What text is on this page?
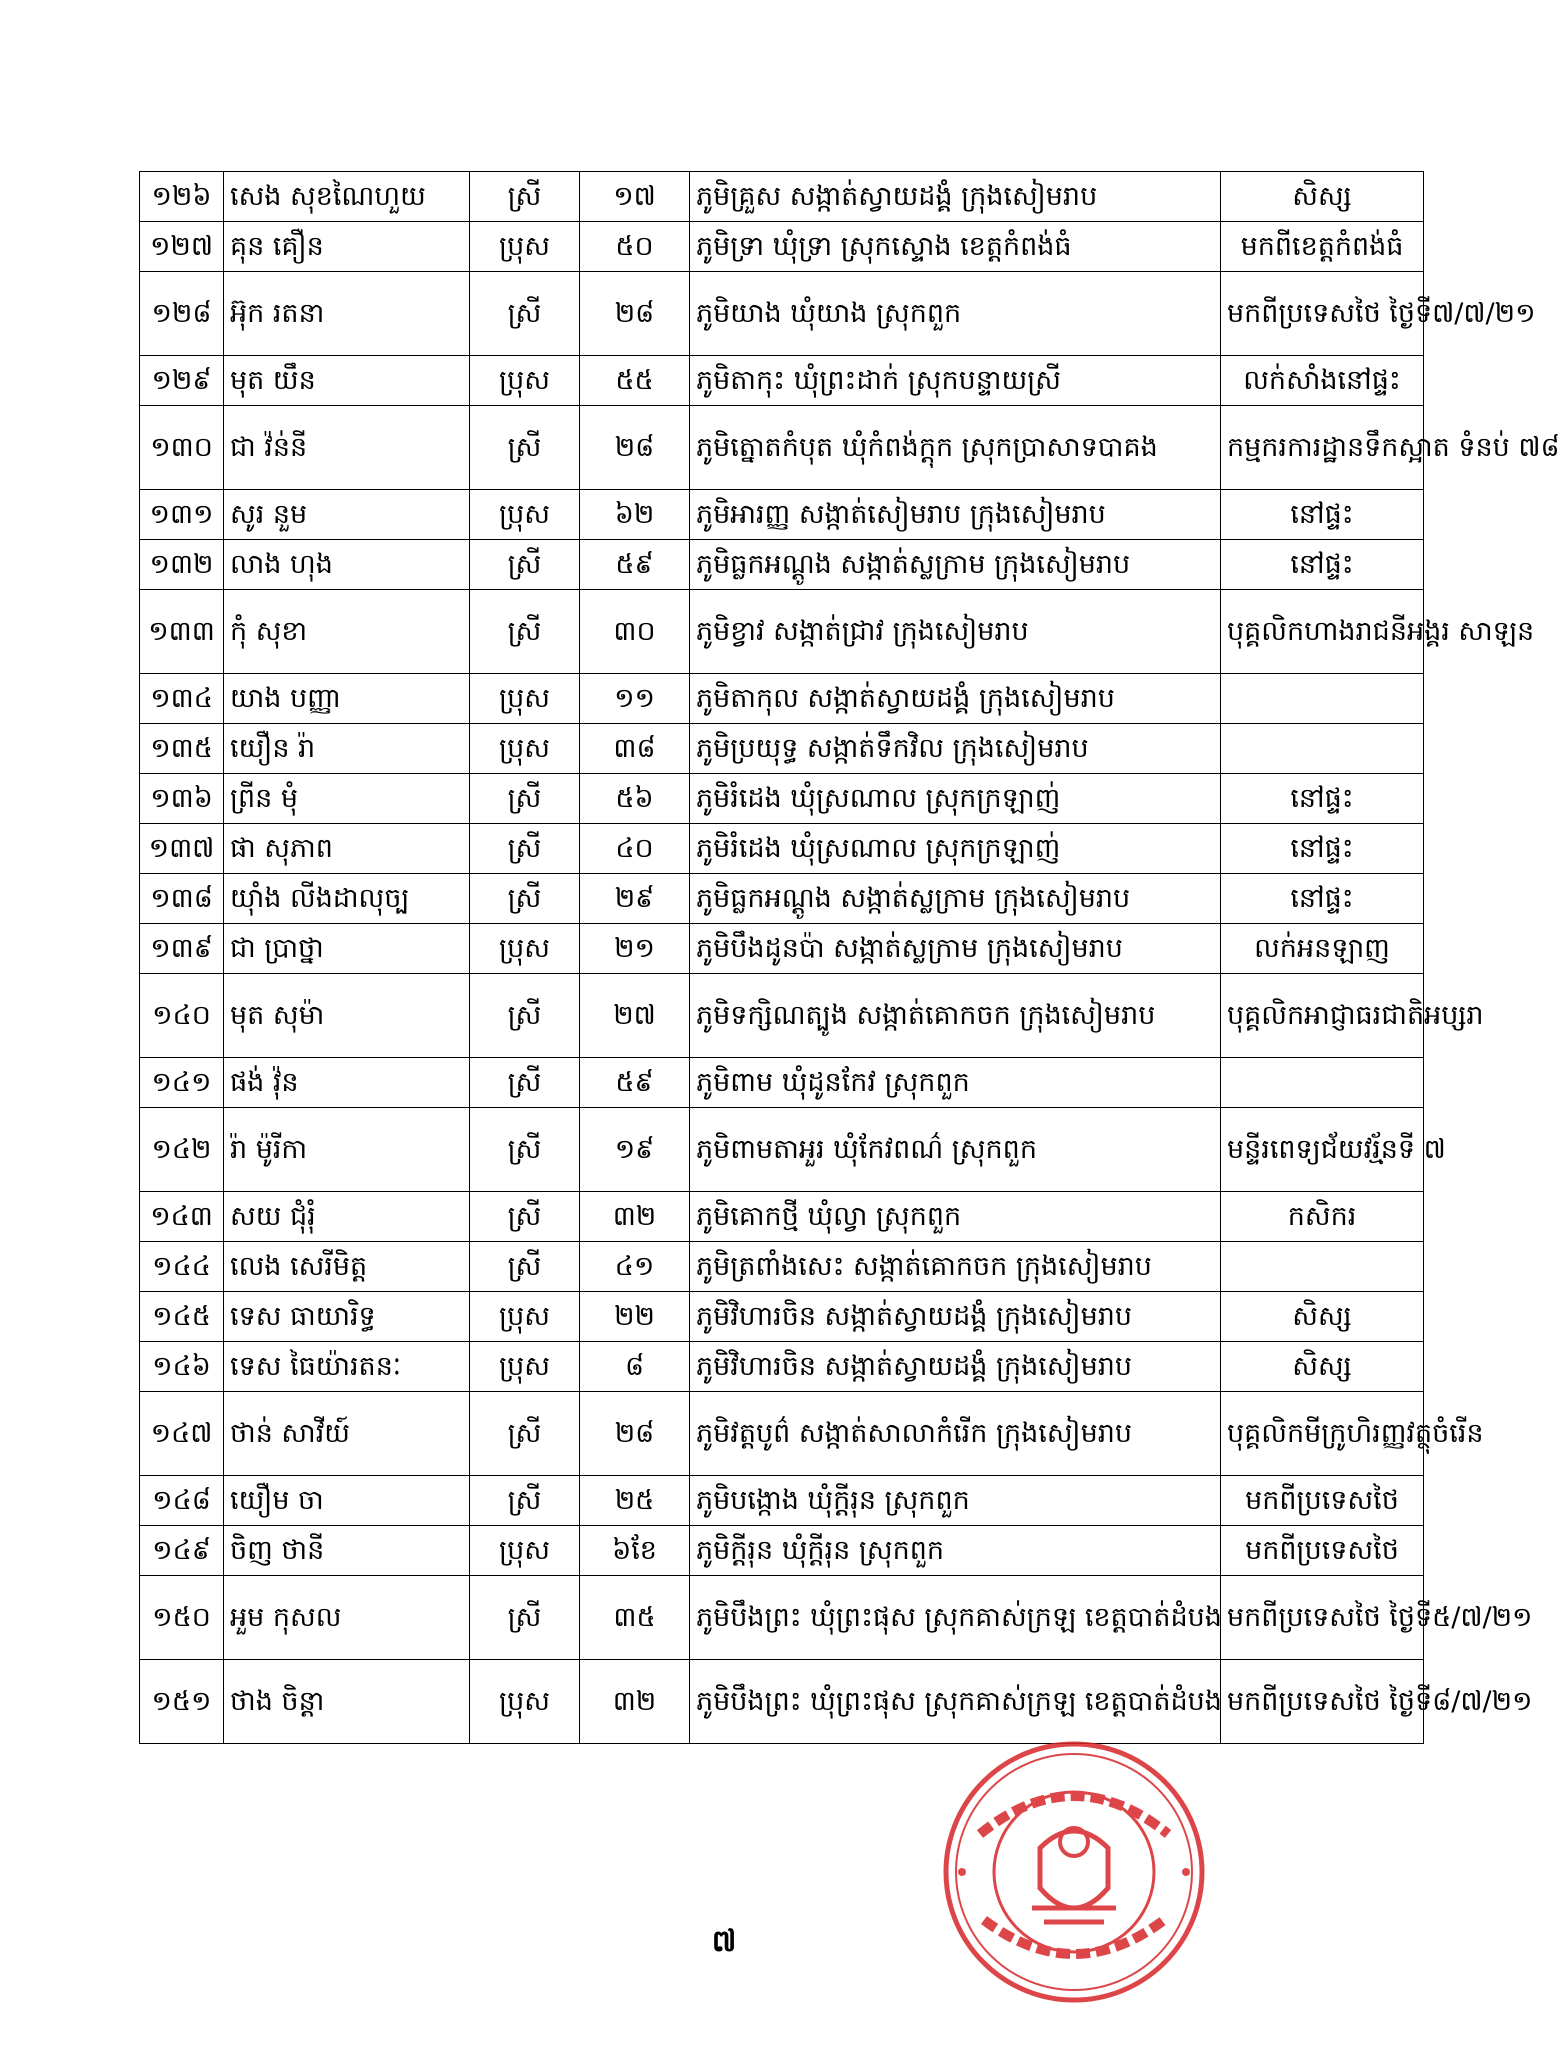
១២៦	សេង សុខណៃហួយ	ស្រី	១៧	ភូមិគ្រួស សង្កាត់ស្វាយដង្គំ ក្រុងសៀមរាប	សិស្ស
១២៧	គុន គឿន	ប្រុស	៥០	ភូមិទ្រា ឃុំទ្រា ស្រុកស្ទោង ខេត្តកំពង់ធំ	មកពីខេត្តកំពង់ធំ
១២៨	អ៊ុក រតនា	ស្រី	២៨	ភូមិយាង ឃុំយាង ស្រុកពួក	មកពីប្រទេសថៃ ថ្ងៃទី៧/៧/២១
១២៩	មុត យឹន	ប្រុស	៥៥	ភូមិតាកុះ ឃុំព្រះដាក់ ស្រុកបន្ទាយស្រី	លក់សាំងនៅផ្ទះ
១៣០	ជា វ៉ន់នី	ស្រី	២៨	ភូមិត្នោតកំបុត ឃុំកំពង់ក្ដុក ស្រុកប្រាសាទបាគង	កម្មករការដ្ឋានទឹកស្អាត ទំនប់ ៧៨
១៣១	សូរ នួម	ប្រុស	៦២	ភូមិអារញ្ញ សង្កាត់សៀមរាប ក្រុងសៀមរាប	នៅផ្ទះ
១៣២	លាង ហុង	ស្រី	៥៩	ភូមិធ្លកអណ្ដូង សង្កាត់ស្លក្រាម ក្រុងសៀមរាប	នៅផ្ទះ
១៣៣	កុំ សុខា	ស្រី	៣០	ភូមិខ្វាវ សង្កាត់ជ្រាវ ក្រុងសៀមរាប	បុគ្គលិកហាងរាជនីអង្គរ សាឡន
១៣៤	យាង បញ្ញា	ប្រុស	១១	ភូមិតាកុល សង្កាត់ស្វាយដង្គំ ក្រុងសៀមរាប	
១៣៥	យឿន រ៉ា	ប្រុស	៣៨	ភូមិប្រយុទ្ធ សង្កាត់ទឹកវិល ក្រុងសៀមរាប	
១៣៦	ព្រីន មុំ	ស្រី	៥៦	ភូមិរំដេង ឃុំស្រណាល ស្រុកក្រឡាញ់	នៅផ្ទះ
១៣៧	ផា សុភាព	ស្រី	៤០	ភូមិរំដេង ឃុំស្រណាល ស្រុកក្រឡាញ់	នៅផ្ទះ
១៣៨	យ៉ាំង លីងដាលុច្ប	ស្រី	២៩	ភូមិធ្លកអណ្ដូង សង្កាត់ស្លក្រាម ក្រុងសៀមរាប	នៅផ្ទះ
១៣៩	ជា ប្រាថ្នា	ប្រុស	២១	ភូមិបឹងដូនប៉ា សង្កាត់ស្លក្រាម ក្រុងសៀមរាប	លក់អនឡាញ
១៤០	មុត សុម៉ា	ស្រី	២៧	ភូមិទក្សិណត្បូង សង្កាត់គោកចក ក្រុងសៀមរាប	បុគ្គលិកអាជ្ញាធរជាតិអប្សរា
១៤១	ផង់ វ៉ុន	ស្រី	៥៩	ភូមិពាម ឃុំដូនកែវ ស្រុកពួក	
១៤២	រ៉ា ម៉ូរីកា	ស្រី	១៩	ភូមិពាមតាអួរ ឃុំកែវពណ៌ ស្រុកពួក	មន្ទីរពេទ្យជ័យវរ្ម័នទី ៧
១៤៣	សយ ជុំរុំ	ស្រី	៣២	ភូមិគោកថ្មី ឃុំល្វា ស្រុកពួក	កសិករ
១៤៤	លេង សេរីមិត្ត	ស្រី	៤១	ភូមិត្រពាំងសេះ សង្កាត់គោកចក ក្រុងសៀមរាប	
១៤៥	ទេស ធាយារិទ្ធ	ប្រុស	២២	ភូមិវិហារចិន សង្កាត់ស្វាយដង្គំ ក្រុងសៀមរាប	សិស្ស
១៤៦	ទេស ធៃយ៉ារតនៈ	ប្រុស	៨	ភូមិវិហារចិន សង្កាត់ស្វាយដង្គំ ក្រុងសៀមរាប	សិស្ស
១៤៧	ថាន់ សាវីយ៍	ស្រី	២៨	ភូមិវត្តបូព៌ សង្កាត់សាលាកំរើក ក្រុងសៀមរាប	បុគ្គលិកមីក្រូហិរញ្ញវត្ថុចំរើន
១៤៨	យឿម ចា	ស្រី	២៥	ភូមិបង្កោង ឃុំក្ដីរុន ស្រុកពួក	មកពីប្រទេសថៃ
១៤៩	ចិញ ថានី	ប្រុស	៦ខែ	ភូមិក្ដីរុន ឃុំក្ដីរុន ស្រុកពួក	មកពីប្រទេសថៃ
១៥០	អួម កុសល	ស្រី	៣៥	ភូមិបឹងព្រះ ឃុំព្រះផុស ស្រុកគាស់ក្រឡ ខេត្តបាត់ដំបង	មកពីប្រទេសថៃ ថ្ងៃទី៥/៧/២១
១៥១	ថាង ចិន្ដា	ប្រុស	៣២	ភូមិបឹងព្រះ ឃុំព្រះផុស ស្រុកគាស់ក្រឡ ខេត្តបាត់ដំបង	មកពីប្រទេសថៃ ថ្ងៃទី៨/៧/២១
៧
